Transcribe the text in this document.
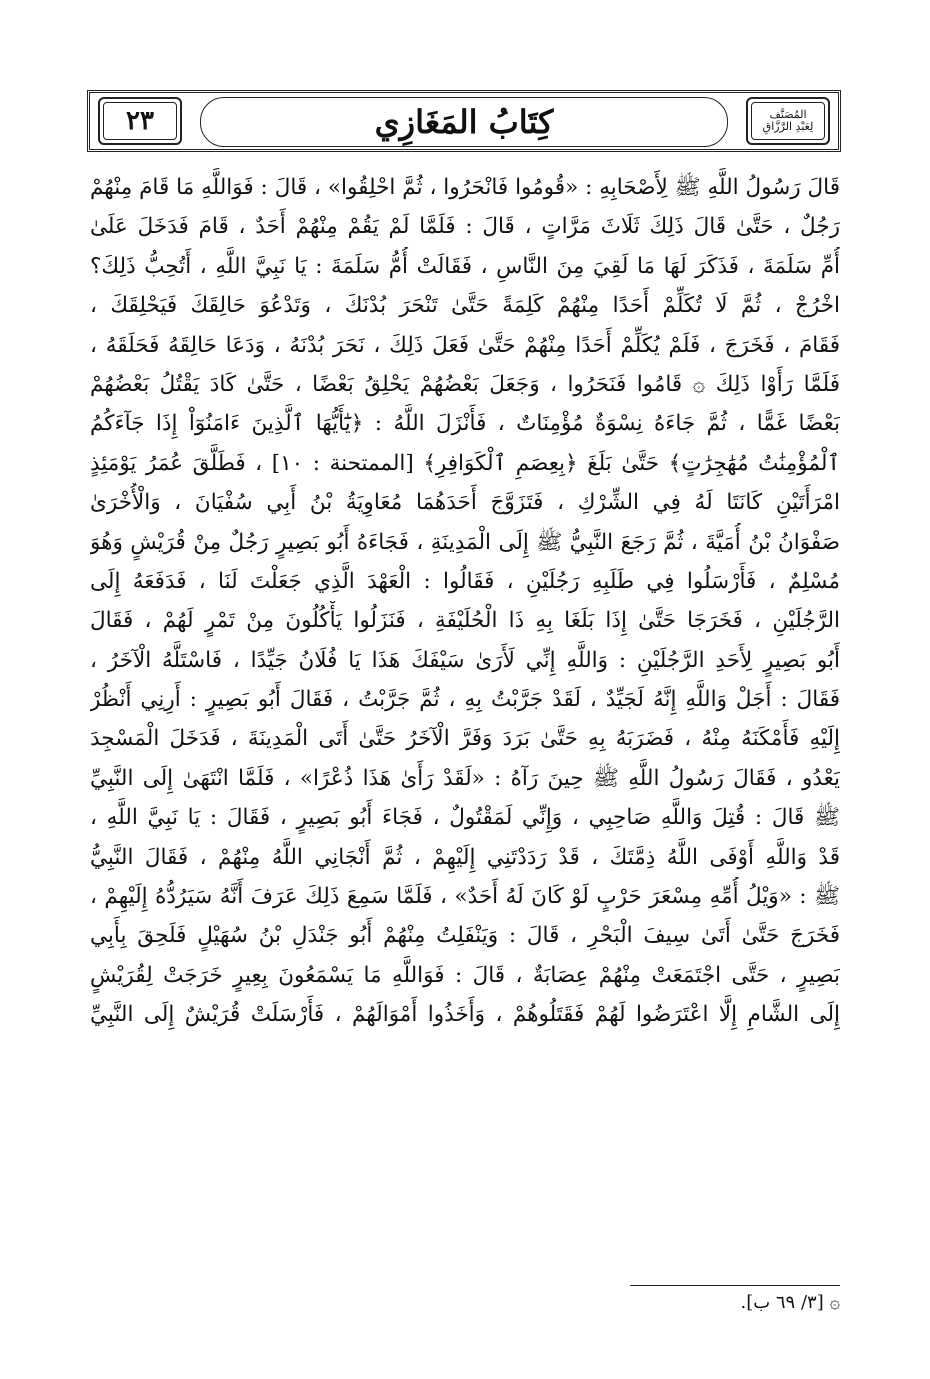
٢٣	كِتَابُ المَغَازِي	المُصَنَّف
لِعَبْدِ الرَّزَّاقِ
قَالَ رَسُولُ اللَّهِ ﷺ لِأَصْحَابِهِ : «قُومُوا فَانْحَرُوا ، ثُمَّ احْلِقُوا» ، قَالَ : فَوَاللَّهِ مَا قَامَ مِنْهُمْ
رَجُلٌ ، حَتَّىٰ قَالَ ذَلِكَ ثَلَاثَ مَرَّاتٍ ، قَالَ : فَلَمَّا لَمْ يَقُمْ مِنْهُمْ أَحَدٌ ، قَامَ فَدَخَلَ عَلَىٰ
أُمِّ سَلَمَةَ ، فَذَكَرَ لَهَا مَا لَقِيَ مِنَ النَّاسِ ، فَقَالَتْ أُمُّ سَلَمَةَ : يَا نَبِيَّ اللَّهِ ، أَتُحِبُّ ذَلِكَ؟
اخْرُجْ ، ثُمَّ لَا تُكَلِّمْ أَحَدًا مِنْهُمْ كَلِمَةً حَتَّىٰ تَنْحَرَ بُدْنَكَ ، وَتَدْعُوَ حَالِقَكَ فَيَحْلِقَكَ ،
فَقَامَ ، فَخَرَجَ ، فَلَمْ يُكَلِّمْ أَحَدًا مِنْهُمْ حَتَّىٰ فَعَلَ ذَلِكَ ، نَحَرَ بُدْنَهُ ، وَدَعَا حَالِقَهُ فَحَلَقَهُ ،
فَلَمَّا رَأَوْا ذَلِكَ ۞ قَامُوا فَنَحَرُوا ، وَجَعَلَ بَعْضُهُمْ يَحْلِقُ بَعْضًا ، حَتَّىٰ كَادَ يَقْتُلُ بَعْضُهُمْ
بَعْضًا غَمًّا ، ثُمَّ جَاءَهُ نِسْوَةٌ مُؤْمِنَاتٌ ، فَأَنْزَلَ اللَّهُ : ﴿يَٰٓأَيُّهَا ٱلَّذِينَ ءَامَنُوٓاْ إِذَا جَآءَكُمُ
ٱلْمُؤْمِنَٰتُ مُهَٰجِرَٰتٍ﴾ حَتَّىٰ بَلَغَ ﴿بِعِصَمِ ٱلْكَوَافِرِ﴾ [الممتحنة : ١٠] ، فَطَلَّقَ عُمَرُ يَوْمَئِذٍ
امْرَأَتَيْنِ كَانَتَا لَهُ فِي الشِّرْكِ ، فَتَزَوَّجَ أَحَدَهُمَا مُعَاوِيَةُ بْنُ أَبِي سُفْيَانَ ، وَالْأُخْرَىٰ
صَفْوَانُ بْنُ أُمَيَّةَ ، ثُمَّ رَجَعَ النَّبِيُّ ﷺ إِلَى الْمَدِينَةِ ، فَجَاءَهُ أَبُو بَصِيرٍ رَجُلٌ مِنْ قُرَيْشٍ وَهُوَ
مُسْلِمٌ ، فَأَرْسَلُوا فِي طَلَبِهِ رَجُلَيْنِ ، فَقَالُوا : الْعَهْدَ الَّذِي جَعَلْتَ لَنَا ، فَدَفَعَهُ إِلَى
الرَّجُلَيْنِ ، فَخَرَجَا حَتَّىٰ إِذَا بَلَغَا بِهِ ذَا الْحُلَيْفَةِ ، فَنَزَلُوا يَأْكُلُونَ مِنْ تَمْرٍ لَهُمْ ، فَقَالَ
أَبُو بَصِيرٍ لِأَحَدِ الرَّجُلَيْنِ : وَاللَّهِ إِنِّي لَأَرَىٰ سَيْفَكَ هَذَا يَا فُلَانُ جَيِّدًا ، فَاسْتَلَّهُ الْآخَرُ ،
فَقَالَ : أَجَلْ وَاللَّهِ إِنَّهُ لَجَيِّدٌ ، لَقَدْ جَرَّبْتُ بِهِ ، ثُمَّ جَرَّبْتُ ، فَقَالَ أَبُو بَصِيرٍ : أَرِنِي أَنْظُرْ
إِلَيْهِ فَأَمْكَنَهُ مِنْهُ ، فَضَرَبَهُ بِهِ حَتَّىٰ بَرَدَ وَفَرَّ الْآخَرُ حَتَّىٰ أَتَى الْمَدِينَةَ ، فَدَخَلَ الْمَسْجِدَ
يَعْدُو ، فَقَالَ رَسُولُ اللَّهِ ﷺ حِينَ رَآهُ : «لَقَدْ رَأَىٰ هَذَا ذُعْرًا» ، فَلَمَّا انْتَهَىٰ إِلَى النَّبِيِّ
ﷺ قَالَ : قُتِلَ وَاللَّهِ صَاحِبِي ، وَإِنِّي لَمَقْتُولٌ ، فَجَاءَ أَبُو بَصِيرٍ ، فَقَالَ : يَا نَبِيَّ اللَّهِ ،
قَدْ وَاللَّهِ أَوْفَى اللَّهُ ذِمَّتَكَ ، قَدْ رَدَدْتَنِي إِلَيْهِمْ ، ثُمَّ أَنْجَانِي اللَّهُ مِنْهُمْ ، فَقَالَ النَّبِيُّ
ﷺ : «وَيْلُ أُمِّهِ مِسْعَرَ حَرْبٍ لَوْ كَانَ لَهُ أَحَدٌ» ، فَلَمَّا سَمِعَ ذَلِكَ عَرَفَ أَنَّهُ سَيَرُدُّهُ إِلَيْهِمْ ،
فَخَرَجَ حَتَّىٰ أَتَىٰ سِيفَ الْبَحْرِ ، قَالَ : وَيَنْفَلِتُ مِنْهُمْ أَبُو جَنْدَلِ بْنُ سُهَيْلٍ فَلَحِقَ بِأَبِي
بَصِيرٍ ، حَتَّى اجْتَمَعَتْ مِنْهُمْ عِصَابَةٌ ، قَالَ : فَوَاللَّهِ مَا يَسْمَعُونَ بِعِيرٍ خَرَجَتْ لِقُرَيْشٍ
إِلَى الشَّامِ إِلَّا اعْتَرَضُوا لَهُمْ فَقَتَلُوهُمْ ، وَأَخَذُوا أَمْوَالَهُمْ ، فَأَرْسَلَتْ قُرَيْشٌ إِلَى النَّبِيِّ
۞ [٣/ ٦٩ ب].
